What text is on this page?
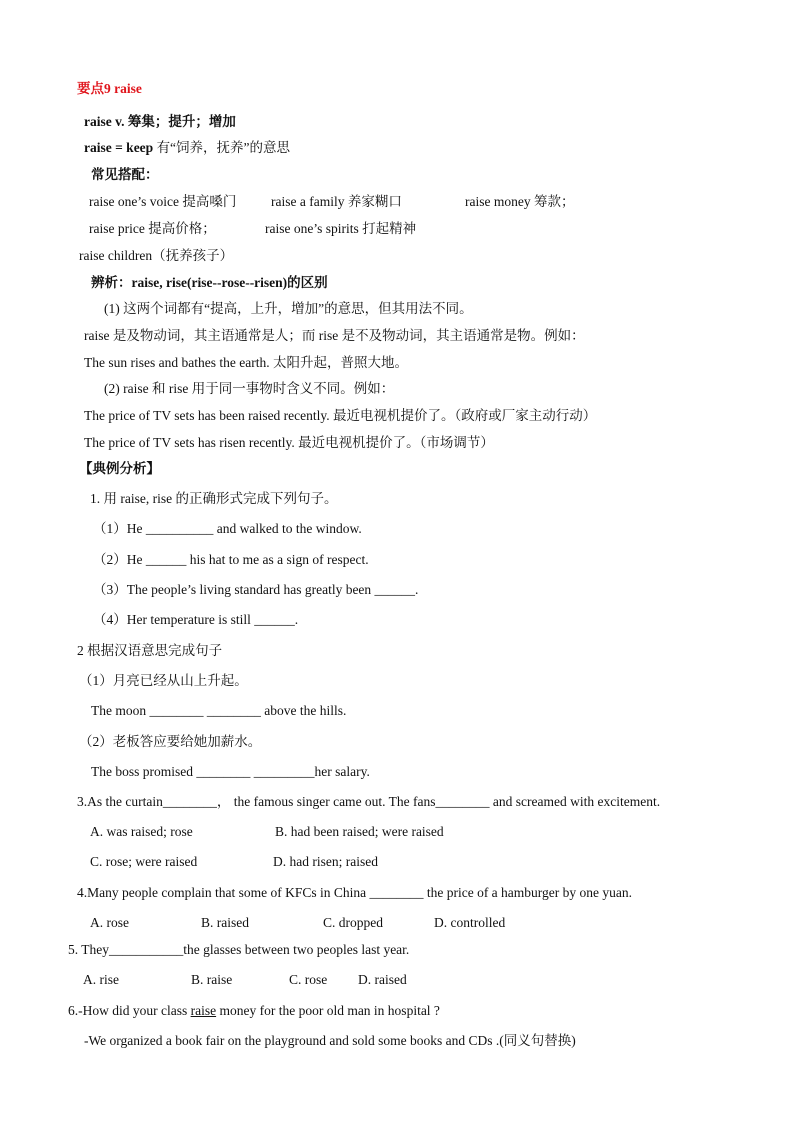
要点9 raise
raise v. 筹集；提升；增加
raise = keep 有“饲养，抚养”的意思
常见搭配：
raise one’s voice 提高嗓门	raise a family 养家糊口	raise money 筹款；
raise price 提高价格；	raise one’s spirits 打起精神
raise children（抚养孩子）
辨析：raise, rise(rise--rose--risen)的区别
(1) 这两个词都有“提高，上升，增加”的意思，但其用法不同。
raise 是及物动词，其主语通常是人；而 rise 是不及物动词，其主语通常是物。例如：
The sun rises and bathes the earth. 太阳升起，普照大地。
(2) raise 和 rise 用于同一事物时含义不同。例如：
The price of TV sets has been raised recently. 最近电视机提价了。（政府或厂家主动行动）
The price of TV sets has risen recently. 最近电视机提价了。（市场调节）
【典例分析】
1. 用 raise, rise 的正确形式完成下列句子。
（1）He __________ and walked to the window.
（2）He ______ his hat to me as a sign of respect.
（3）The people’s living standard has greatly been ______.
（4）Her temperature is still ______.
2 根据汉语意思完成句子
（1）月亮已经从山上升起。
The moon ________ ________ above the hills.
（2）老板答应要给她加薪水。
The boss promised ________ _________her salary.
3.As the curtain________， the famous singer came out. The fans________ and screamed with excitement.
A. was raised; rose	B. had been raised; were raised
C. rose; were raised	D. had risen; raised
4.Many people complain that some of KFCs in China ________ the price of a hamburger by one yuan.
A. rose	B. raised	C. dropped	D. controlled
5. They___________the glasses between two peoples last year.
A. rise	B. raise	C. rose D. raised
6.-How did your class raise money for the poor old man in hospital ?
-We organized a book fair on the playground and sold some books and CDs .(同义句替换)
